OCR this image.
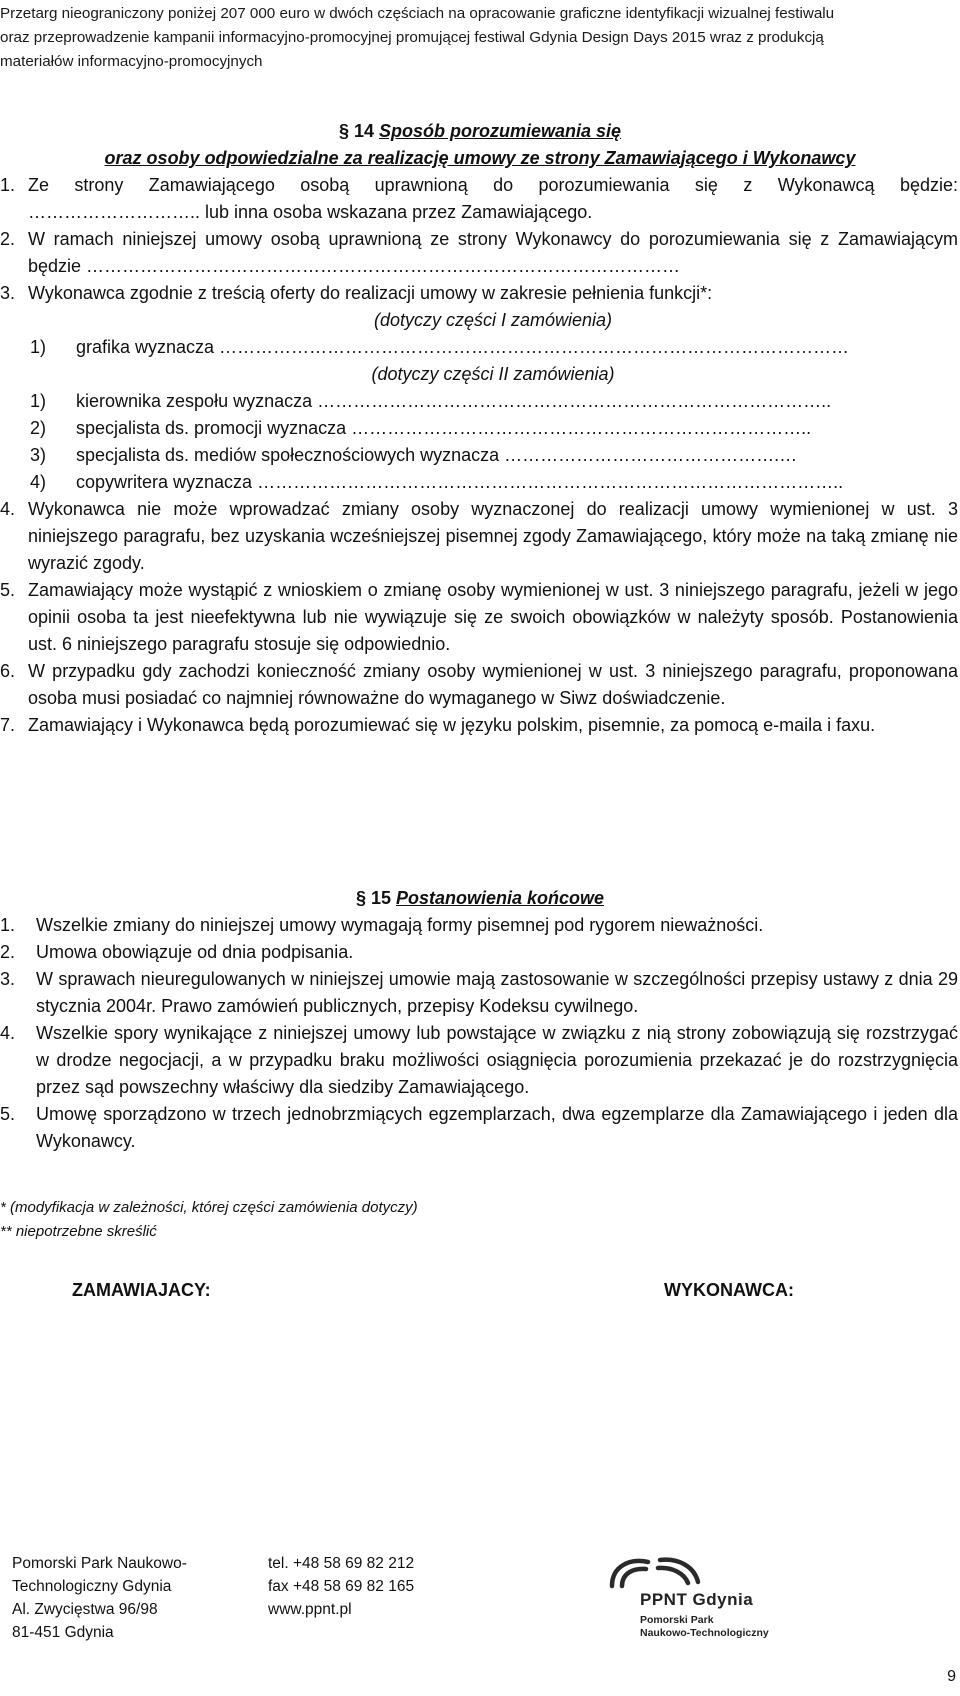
Przetarg nieograniczony poniżej 207 000 euro w dwóch częściach na opracowanie graficzne identyfikacji wizualnej festiwalu

oraz przeprowadzenie kampanii informacyjno-promocyjnej promującej festiwal Gdynia Design Days 2015 wraz z produkcją

materiałów informacyjno-promocyjnych

§ 14 Sposób porozumiewania się

oraz osoby odpowiedzialne za realizację umowy ze strony Zamawiającego i Wykonawcy

1. Ze strony Zamawiającego osobą uprawnioną do porozumiewania się z Wykonawcą będzie:

……………………….. lub inna osoba wskazana przez Zamawiającego.

2. W ramach niniejszej umowy osobą uprawnioną ze strony Wykonawcy do porozumiewania się z Zamawiającym będzie ………………………………………………………………………………………
3. Wykonawca zgodnie z treścią oferty do realizacji umowy w zakresie pełnienia funkcji*:

(dotyczy części I zamówienia)

1)	grafika wyznacza ……………………………………………………………………………………………

(dotyczy części II zamówienia)

1)	kierownika zespołu wyznacza …………………………………………………………………………..
2)	specjalista ds. promocji wyznacza …………………………………………………………………..
3)	specjalista ds. mediów społecznościowych wyznacza ……………………………………….…
4)	copywritera wyznacza ……………………………………………………………………………………..
4. Wykonawca nie może wprowadzać zmiany osoby wyznaczonej do realizacji umowy wymienionej w ust. 3 niniejszego paragrafu, bez uzyskania wcześniejszej pisemnej zgody Zamawiającego, który może na taką zmianę nie wyrazić zgody.
5. Zamawiający może wystąpić z wnioskiem o zmianę osoby wymienionej w ust. 3 niniejszego paragrafu, jeżeli w jego opinii osoba ta jest nieefektywna lub nie wywiązuje się ze swoich obowiązków w należyty sposób. Postanowienia ust. 6 niniejszego paragrafu stosuje się odpowiednio.
6. W przypadku gdy zachodzi konieczność zmiany osoby wymienionej w ust. 3 niniejszego paragrafu, proponowana osoba musi posiadać co najmniej równoważne do wymaganego w Siwz doświadczenie.
7. Zamawiający i Wykonawca będą porozumiewać się w języku polskim, pisemnie, za pomocą e-maila i faxu.

§ 15 Postanowienia końcowe

1.	Wszelkie zmiany do niniejszej umowy wymagają formy pisemnej pod rygorem nieważności.
2.	Umowa obowiązuje od dnia podpisania.
3.	W sprawach nieuregulowanych w niniejszej umowie mają zastosowanie w szczególności przepisy ustawy z dnia 29 stycznia 2004r. Prawo zamówień publicznych, przepisy Kodeksu cywilnego.
4.	Wszelkie spory wynikające z niniejszej umowy lub powstające w związku z nią strony zobowiązują się rozstrzygać w drodze negocjacji, a w przypadku braku możliwości osiągnięcia porozumienia przekazać je do rozstrzygnięcia przez sąd powszechny właściwy dla siedziby Zamawiającego.
5.	Umowę sporządzono w trzech jednobrzmiących egzemplarzach, dwa egzemplarze dla Zamawiającego i jeden dla Wykonawcy.

* (modyfikacja w zależności, której części zamówienia dotyczy)

** niepotrzebne skreślić

ZAMAWIAJACY:	WYKONAWCA:

Pomorski Park Naukowo-

Technologiczny Gdynia

Al. Zwycięstwa 96/98

81-451 Gdynia

tel. +48 58 69 82 212

fax +48 58 69 82 165

www.ppnt.pl

PPNT Gdynia
Pomorski Park
Naukowo-Technologiczny
9
